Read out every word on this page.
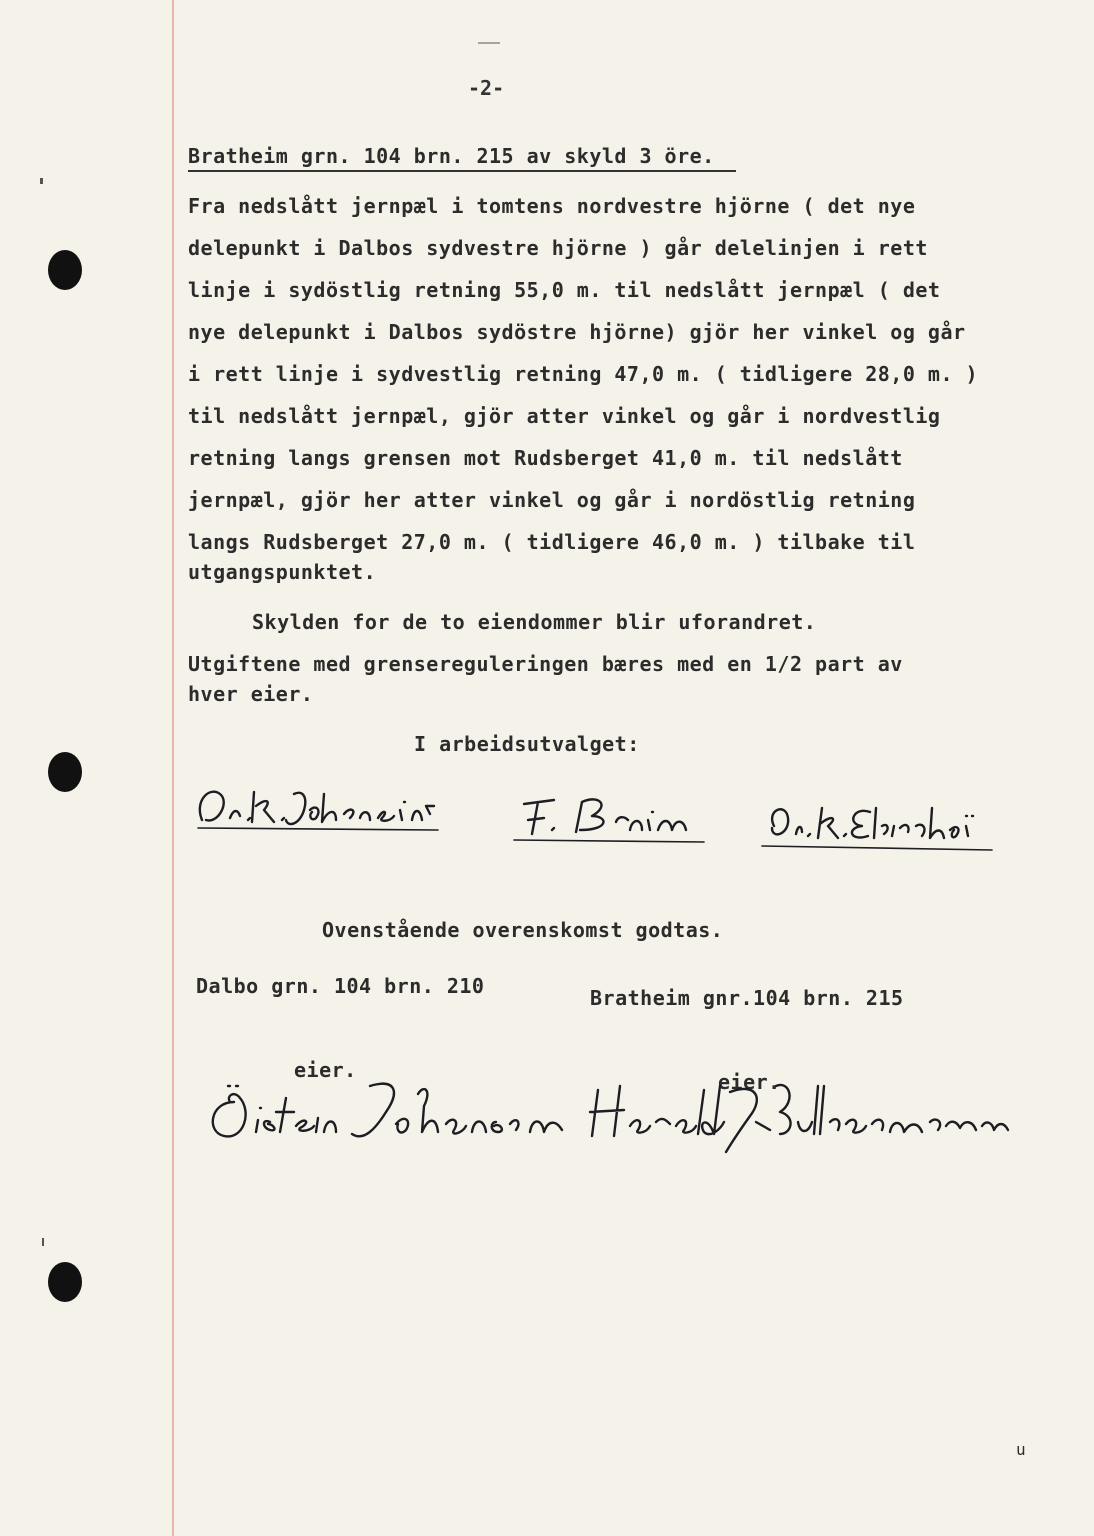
-2-
Bratheim grn. 104 brn. 215 av skyld 3 öre.
Fra nedslått jernpæl i tomtens nordvestre hjörne ( det nye
delepunkt i Dalbos sydvestre hjörne ) går delelinjen i rett
linje i sydöstlig retning 55,0 m. til nedslått jernpæl ( det
nye delepunkt i Dalbos sydöstre hjörne) gjör her vinkel og går
i rett linje i sydvestlig retning 47,0 m. ( tidligere 28,0 m. )
til nedslått jernpæl, gjör atter vinkel og går i nordvestlig
retning langs grensen mot Rudsberget 41,0 m. til nedslått
jernpæl, gjör her atter vinkel og går i nordöstlig retning
langs Rudsberget 27,0 m. ( tidligere 46,0 m. ) tilbake til
utgangspunktet.
Skylden for de to eiendommer blir uforandret.
Utgiftene med grensereguleringen bæres med en 1/2 part av
hver eier.
I arbeidsutvalget:
Ovenstående overenskomst godtas.
Dalbo grn. 104 brn. 210	Bratheim gnr.104 brn. 215
eier.	eier.
u
